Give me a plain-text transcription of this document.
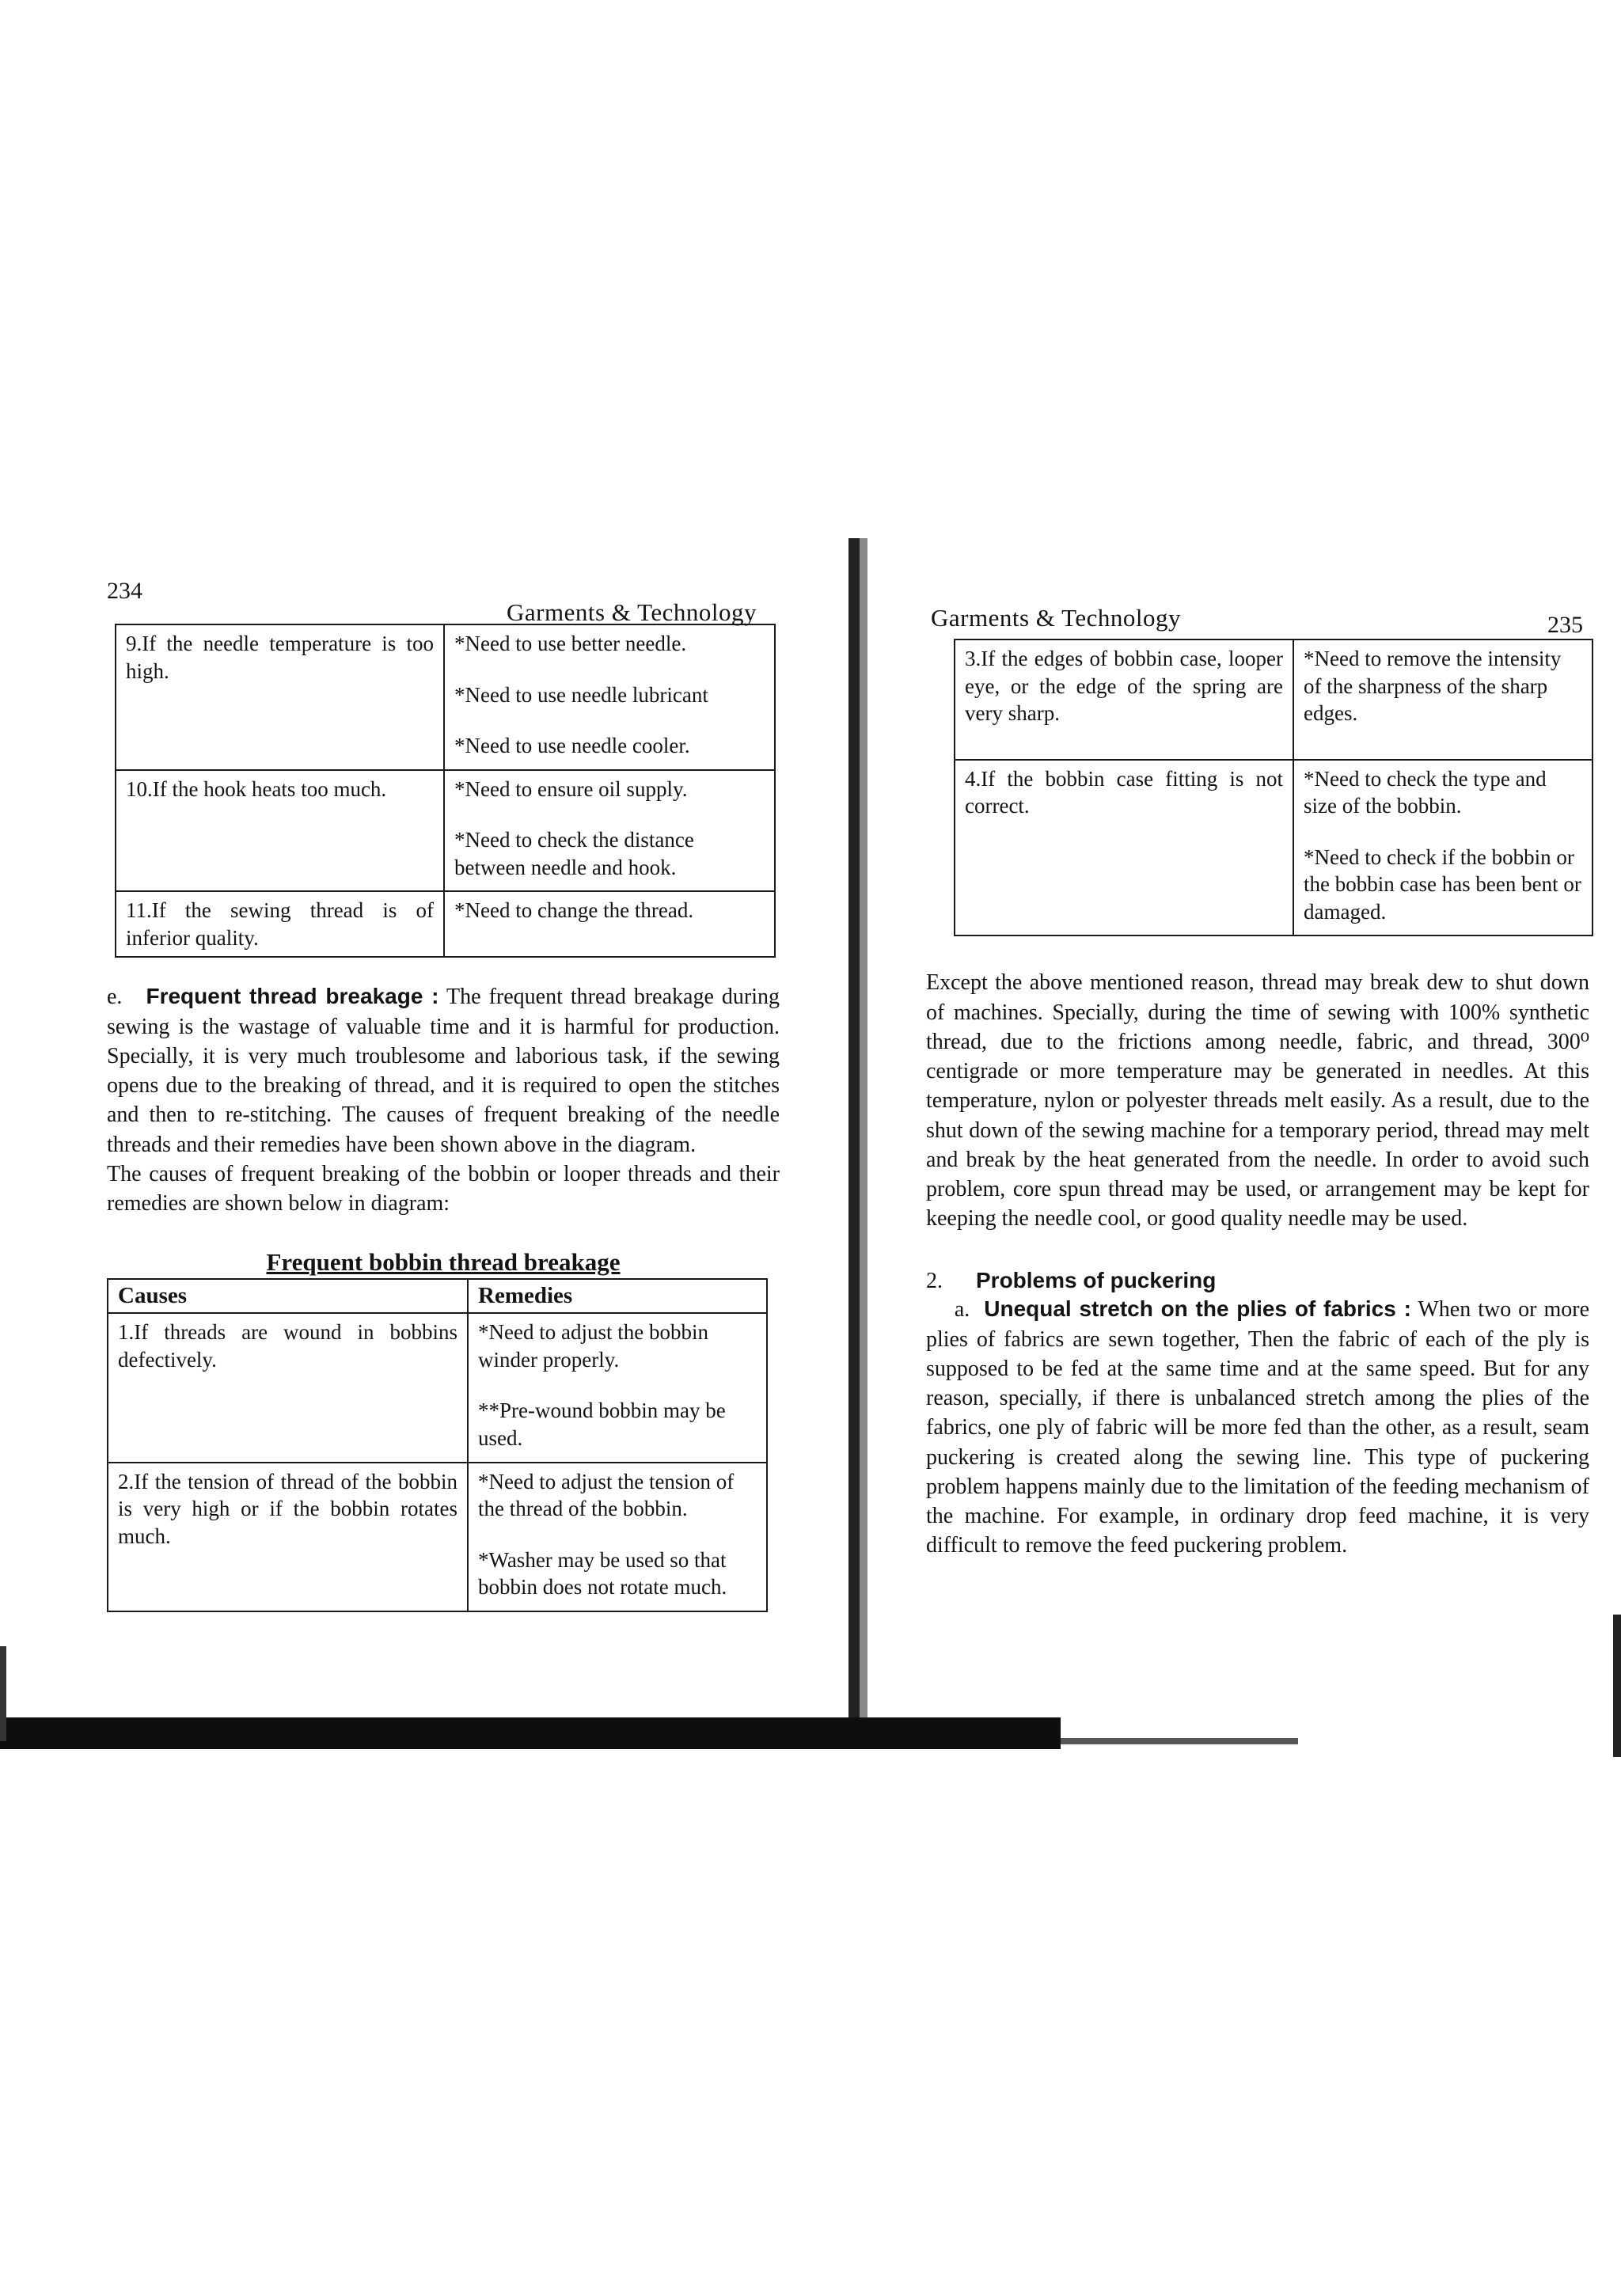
234
Garments & Technology
9.If the needle temperature is too high.	*Need to use better needle.

*Need to use needle lubricant

*Need to use needle cooler.

10.If the hook heats too much.	*Need to ensure oil supply.

*Need to check the distance between needle and hook.

11.If the sewing thread is of inferior quality.	*Need to change the thread.

e. Frequent thread breakage : The frequent thread breakage during sewing is the wastage of valuable time and it is harmful for production. Specially, it is very much troublesome and laborious task, if the sewing opens due to the breaking of thread, and it is required to open the stitches and then to re-stitching. The causes of frequent breaking of the needle threads and their remedies have been shown above in the diagram.

The causes of frequent breaking of the bobbin or looper threads and their remedies are shown below in diagram:

Frequent bobbin thread breakage

Causes	Remedies
1.If threads are wound in bobbins defectively.	*Need to adjust the bobbin winder properly.

**Pre-wound bobbin may be used.

2.If the tension of thread of the bobbin is very high or if the bobbin rotates much.	*Need to adjust the tension of the thread of the bobbin.

*Washer may be used so that bobbin does not rotate much.

Garments & Technology	235
3.If the edges of bobbin case, looper eye, or the edge of the spring are very sharp.	*Need to remove the intensity of the sharpness of the sharp edges.

4.If the bobbin case fitting is not correct.	*Need to check the type and size of the bobbin.

*Need to check if the bobbin or the bobbin case has been bent or damaged.

Except the above mentioned reason, thread may break dew to shut down of machines. Specially, during the time of sewing with 100% synthetic thread, due to the frictions among needle, fabric, and thread, 300⁰ centigrade or more temperature may be generated in needles. At this temperature, nylon or polyester threads melt easily. As a result, due to the shut down of the sewing machine for a temporary period, thread may melt and break by the heat generated from the needle. In order to avoid such problem, core spun thread may be used, or arrangement may be kept for keeping the needle cool, or good quality needle may be used.

2. Problems of puckering

a. Unequal stretch on the plies of fabrics : When two or more plies of fabrics are sewn together, Then the fabric of each of the ply is supposed to be fed at the same time and at the same speed. But for any reason, specially, if there is unbalanced stretch among the plies of the fabrics, one ply of fabric will be more fed than the other, as a result, seam puckering is created along the sewing line. This type of puckering problem happens mainly due to the limitation of the feeding mechanism of the machine. For example, in ordinary drop feed machine, it is very difficult to remove the feed puckering problem.
